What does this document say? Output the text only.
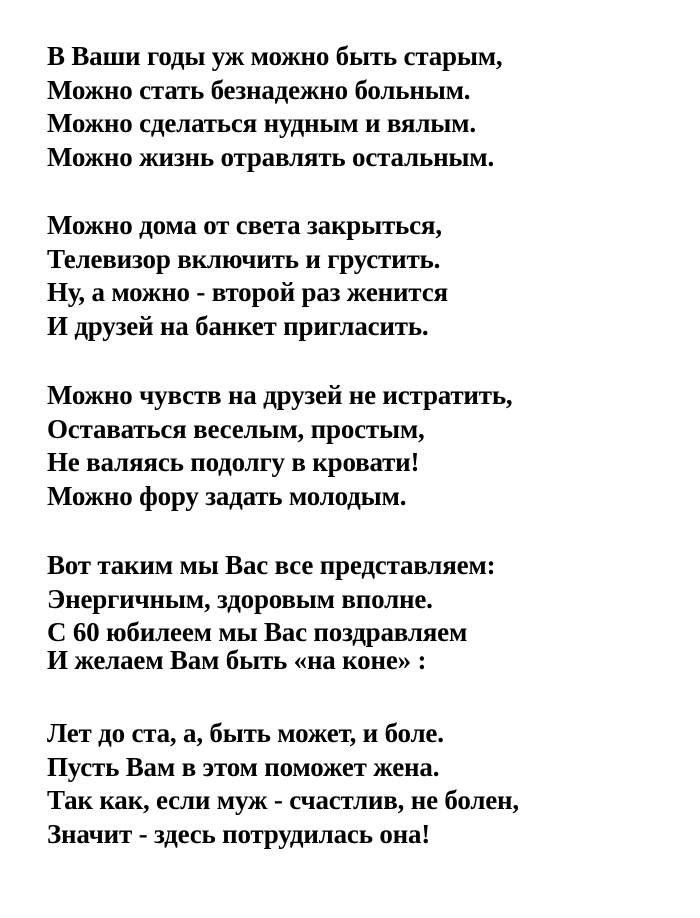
В Ваши годы уж можно быть старым,
Можно стать безнадежно больным.
Можно сделаться нудным и вялым.
Можно жизнь отравлять остальным.
Можно дома от света закрыться,
Телевизор включить и грустить.
Ну, а можно - второй раз женится
И друзей на банкет пригласить.
Можно чувств на друзей не истратить,
Оставаться веселым, простым,
Не валяясь подолгу в кровати!
Можно фору задать молодым.
Вот таким мы Вас все представляем:
Энергичным, здоровым вполне.
С 60 юбилеем мы Вас поздравляем
И желаем Вам быть «на коне» :
Лет до ста, а, быть может, и боле.
Пусть Вам в этом поможет жена.
Так как, если муж - счастлив, не болен,
Значит - здесь потрудилась она!
